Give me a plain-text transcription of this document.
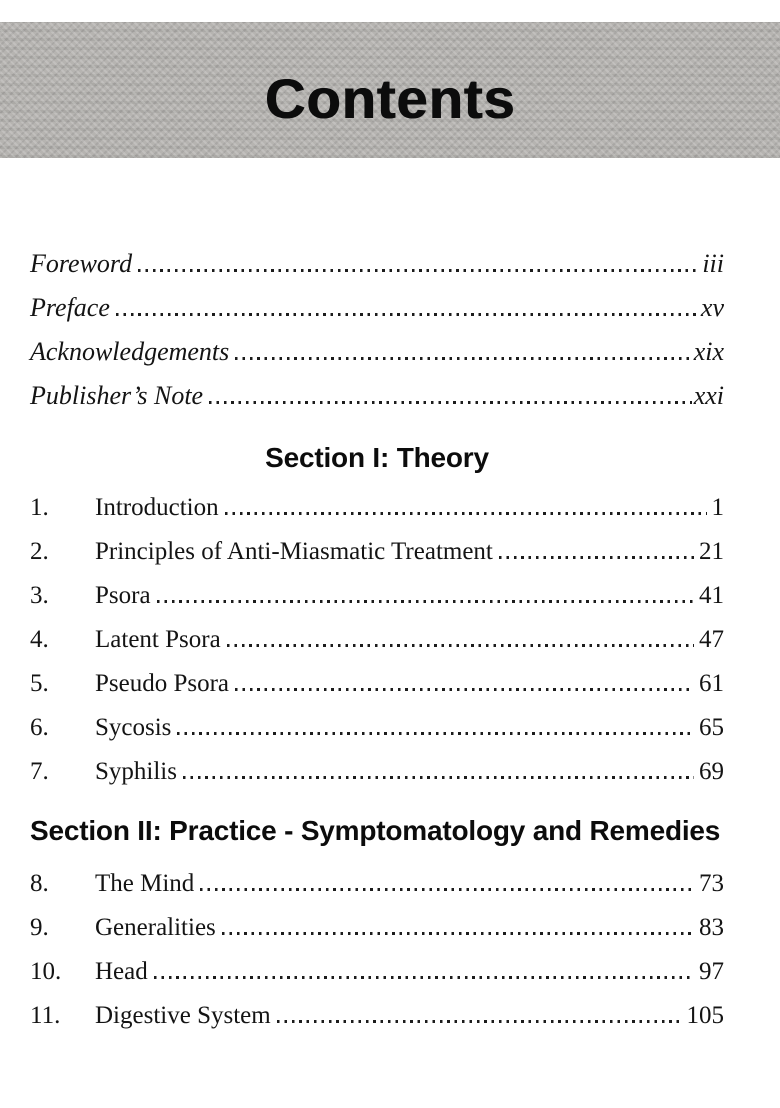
Contents
Foreword	iii
Preface	xv
Acknowledgements	xix
Publisher’s Note	xxi
Section I: Theory
1.	Introduction	1
2.	Principles of Anti-Miasmatic Treatment	21
3.	Psora	41
4.	Latent Psora	47
5.	Pseudo Psora	61
6.	Sycosis	65
7.	Syphilis	69
Section II: Practice - Symptomatology and Remedies
8.	The Mind	73
9.	Generalities	83
10.	Head	97
11.	Digestive System	105
